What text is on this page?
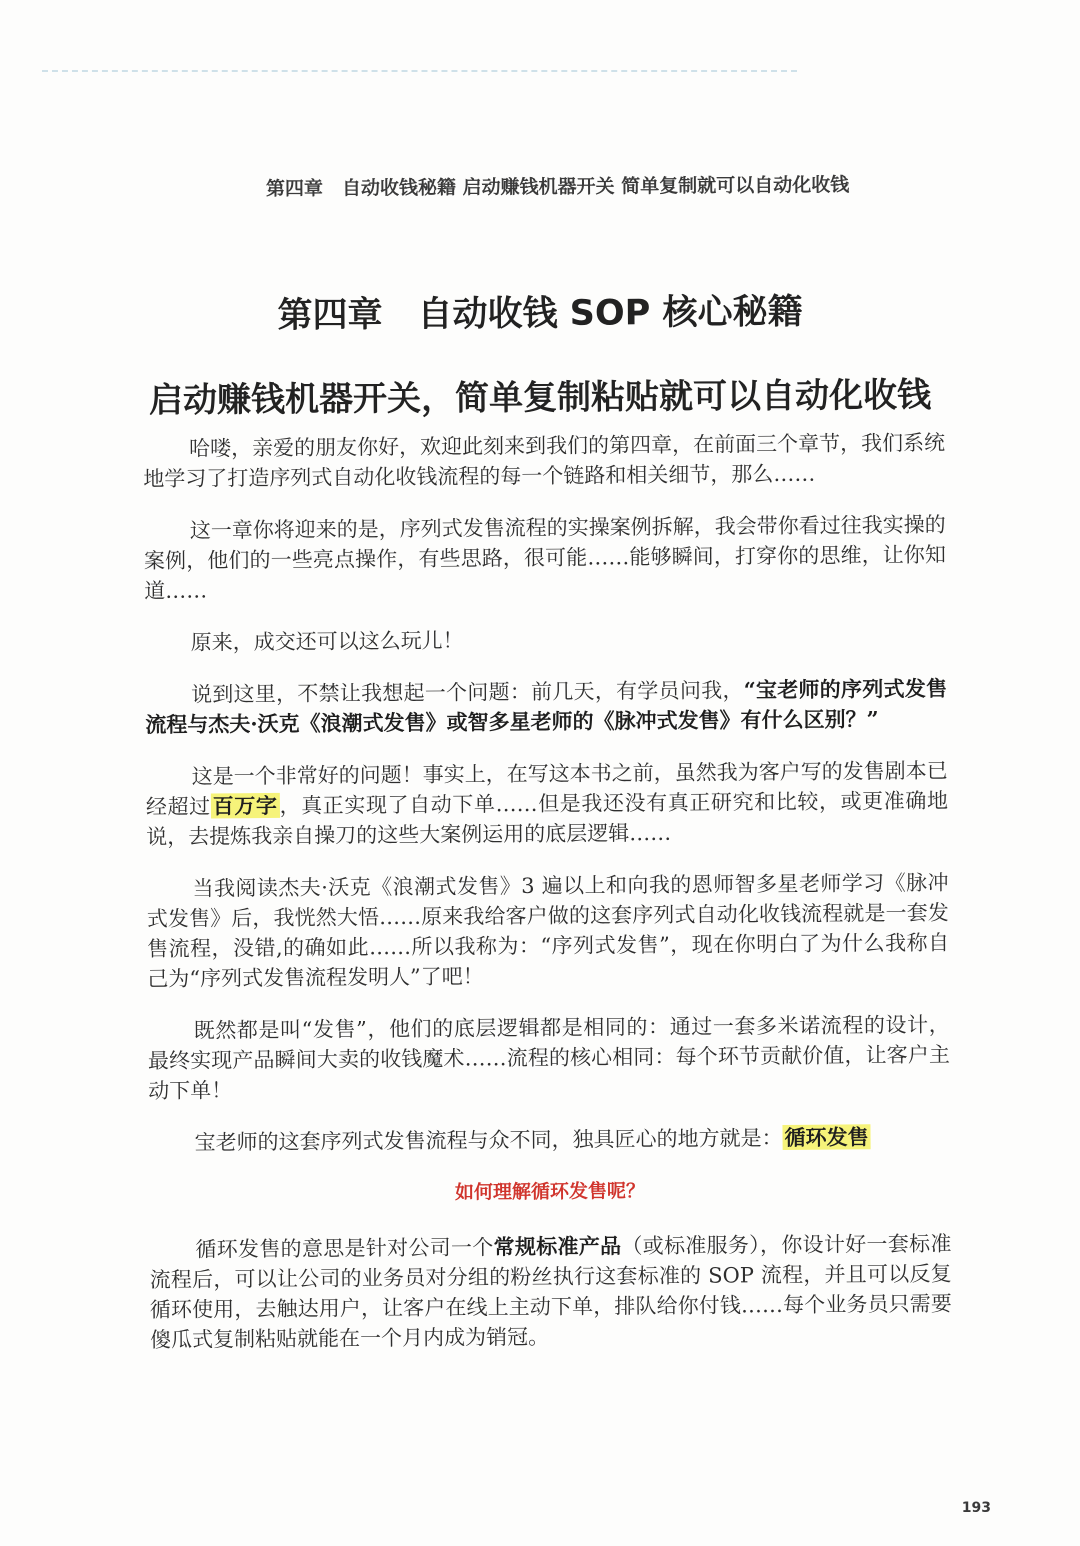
第四章　自动收钱秘籍 启动赚钱机器开关 简单复制就可以自动化收钱
第四章　自动收钱 SOP 核心秘籍
启动赚钱机器开关，简单复制粘贴就可以自动化收钱

哈喽，亲爱的朋友你好，欢迎此刻来到我们的第四章，在前面三个章节，我们系统地学习了打造序列式自动化收钱流程的每一个链路和相关细节，那么……

这一章你将迎来的是，序列式发售流程的实操案例拆解，我会带你看过往我实操的案例，他们的一些亮点操作，有些思路，很可能……能够瞬间，打穿你的思维，让你知道……

原来，成交还可以这么玩儿！

说到这里，不禁让我想起一个问题：前几天，有学员问我，“宝老师的序列式发售流程与杰夫·沃克《浪潮式发售》或智多星老师的《脉冲式发售》有什么区别？”

这是一个非常好的问题！事实上，在写这本书之前，虽然我为客户写的发售剧本已经超过百万字，真正实现了自动下单……但是我还没有真正研究和比较，或更准确地说，去提炼我亲自操刀的这些大案例运用的底层逻辑……

当我阅读杰夫·沃克《浪潮式发售》3 遍以上和向我的恩师智多星老师学习《脉冲式发售》后，我恍然大悟……原来我给客户做的这套序列式自动化收钱流程就是一套发售流程，没错,的确如此……所以我称为：“序列式发售”，现在你明白了为什么我称自己为“序列式发售流程发明人”了吧！

既然都是叫“发售”，他们的底层逻辑都是相同的：通过一套多米诺流程的设计，最终实现产品瞬间大卖的收钱魔术……流程的核心相同：每个环节贡献价值，让客户主动下单！

宝老师的这套序列式发售流程与众不同，独具匠心的地方就是：循环发售

如何理解循环发售呢？

循环发售的意思是针对公司一个常规标准产品（或标准服务），你设计好一套标准流程后，可以让公司的业务员对分组的粉丝执行这套标准的 SOP 流程，并且可以反复循环使用，去触达用户，让客户在线上主动下单，排队给你付钱……每个业务员只需要傻瓜式复制粘贴就能在一个月内成为销冠。

193
